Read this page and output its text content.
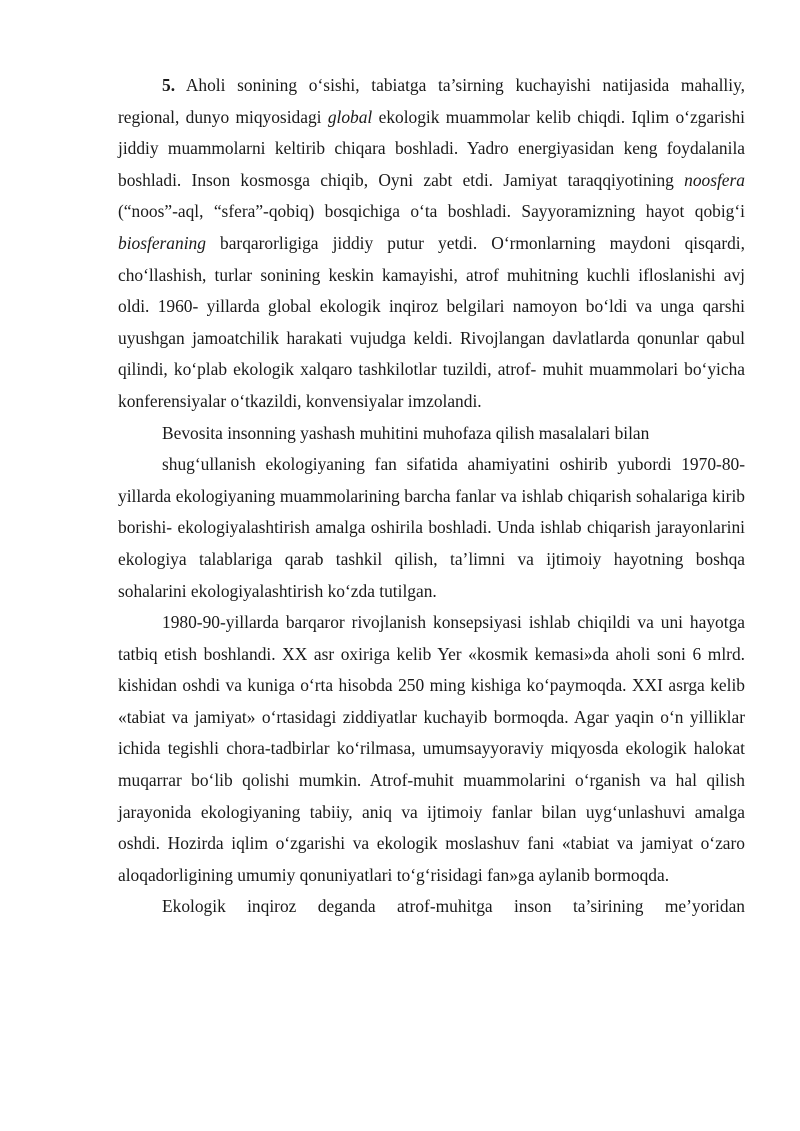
5. Aholi sonining o‘sishi, tabiatga ta’sirning kuchayishi natijasida mahalliy, regional, dunyo miqyosidagi global ekologik muammolar kelib chiqdi. Iqlim o‘zgarishi jiddiy muammolarni keltirib chiqara boshladi. Yadro energiyasidan keng foydalanila boshladi. Inson kosmosga chiqib, Oyni zabt etdi. Jamiyat taraqqiyotining noosfera (“noos”-aql, “sfera”-qobiq) bosqichiga o‘ta boshladi. Sayyoramizning hayot qobig‘i biosferaning barqarorligiga jiddiy putur yetdi. O‘rmonlarning maydoni qisqardi, cho‘llashish, turlar sonining keskin kamayishi, atrof muhitning kuchli ifloslanishi avj oldi. 1960- yillarda global ekologik inqiroz belgilari namoyon bo‘ldi va unga qarshi uyushgan jamoatchilik harakati vujudga keldi. Rivojlangan davlatlarda qonunlar qabul qilindi, ko‘plab ekologik xalqaro tashkilotlar tuzildi, atrof- muhit muammolari bo‘yicha konferensiyalar o‘tkazildi, konvensiyalar imzolandi.

Bevosita insonning yashash muhitini muhofaza qilish masalalari bilan

shug‘ullanish ekologiyaning fan sifatida ahamiyatini oshirib yubordi 1970-80- yillarda ekologiyaning muammolarining barcha fanlar va ishlab chiqarish sohalariga kirib borishi- ekologiyalashtirish amalga oshirila boshladi. Unda ishlab chiqarish jarayonlarini ekologiya talablariga qarab tashkil qilish, ta’limni va ijtimoiy hayotning boshqa sohalarini ekologiyalashtirish ko‘zda tutilgan.

1980-90-yillarda barqaror rivojlanish konsepsiyasi ishlab chiqildi va uni hayotga tatbiq etish boshlandi. XX asr oxiriga kelib Yer «kosmik kemasi»da aholi soni 6 mlrd. kishidan oshdi va kuniga o‘rta hisobda 250 ming kishiga ko‘paymoqda. XXI asrga kelib «tabiat va jamiyat» o‘rtasidagi ziddiyatlar kuchayib bormoqda. Agar yaqin o‘n yilliklar ichida tegishli chora-tadbirlar ko‘rilmasa, umumsayyoraviy miqyosda ekologik halokat muqarrar bo‘lib qolishi mumkin. Atrof-muhit muammolarini o‘rganish va hal qilish jarayonida ekologiyaning tabiiy, aniq va ijtimoiy fanlar bilan uyg‘unlashuvi amalga oshdi. Hozirda iqlim o‘zgarishi va ekologik moslashuv fani «tabiat va jamiyat o‘zaro aloqadorligining umumiy qonuniyatlari to‘g‘risidagi fan»ga aylanib bormoqda.

Ekologik inqiroz deganda atrof-muhitga inson ta’sirining me’yoridan
